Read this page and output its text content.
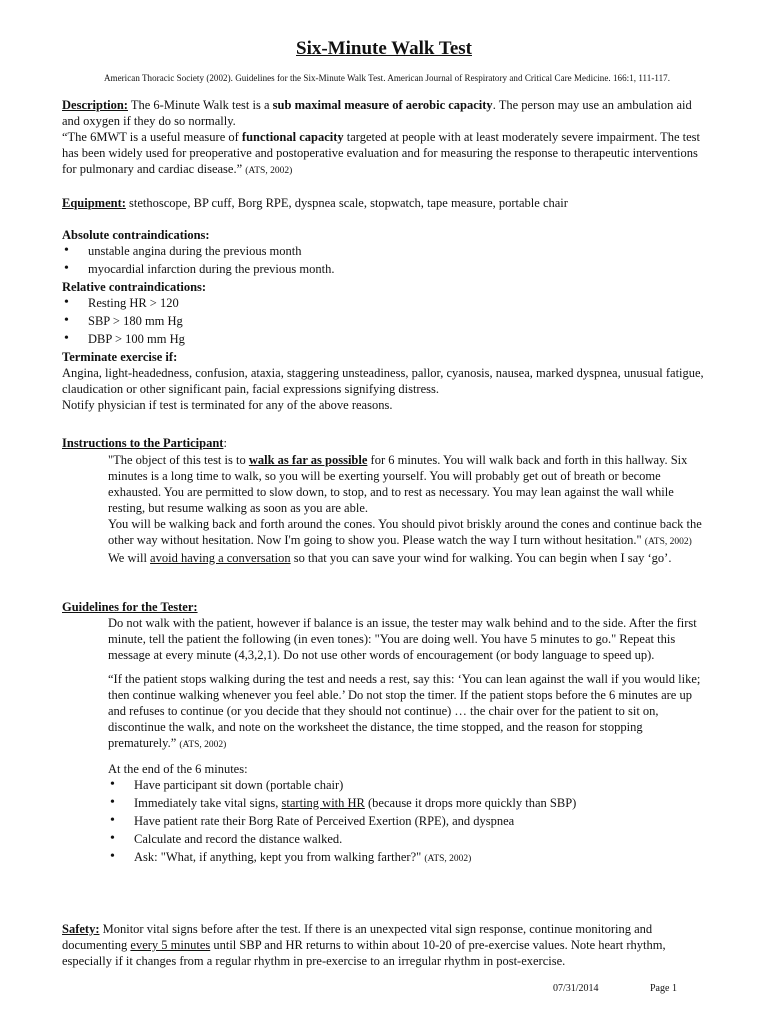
Six-Minute Walk Test
American Thoracic Society (2002). Guidelines for the Six-Minute Walk Test. American Journal of Respiratory and Critical Care Medicine. 166:1, 111-117.
Description: The 6-Minute Walk test is a sub maximal measure of aerobic capacity. The person may use an ambulation aid and oxygen if they do so normally.
“The 6MWT is a useful measure of functional capacity targeted at people with at least moderately severe impairment. The test has been widely used for preoperative and postoperative evaluation and for measuring the response to therapeutic interventions for pulmonary and cardiac disease.” (ATS, 2002)
Equipment: stethoscope, BP cuff, Borg RPE, dyspnea scale, stopwatch, tape measure, portable chair
Absolute contraindications:
• unstable angina during the previous month
• myocardial infarction during the previous month.
Relative contraindications:
• Resting HR > 120
• SBP > 180 mm Hg
• DBP > 100 mm Hg
Terminate exercise if:
Angina, light-headedness, confusion, ataxia, staggering unsteadiness, pallor, cyanosis, nausea, marked dyspnea, unusual fatigue, claudication or other significant pain, facial expressions signifying distress.
Notify physician if test is terminated for any of the above reasons.
Instructions to the Participant:
"The object of this test is to walk as far as possible for 6 minutes. You will walk back and forth in this hallway. Six minutes is a long time to walk, so you will be exerting yourself. You will probably get out of breath or become exhausted. You are permitted to slow down, to stop, and to rest as necessary. You may lean against the wall while resting, but resume walking as soon as you are able.
You will be walking back and forth around the cones. You should pivot briskly around the cones and continue back the other way without hesitation. Now I'm going to show you. Please watch the way I turn without hesitation." (ATS, 2002) We will avoid having a conversation so that you can save your wind for walking. You can begin when I say ‘go’.
Guidelines for the Tester:
Do not walk with the patient, however if balance is an issue, the tester may walk behind and to the side. After the first minute, tell the patient the following (in even tones): "You are doing well. You have 5 minutes to go." Repeat this message at every minute (4,3,2,1). Do not use other words of encouragement (or body language to speed up).
“If the patient stops walking during the test and needs a rest, say this: ‘You can lean against the wall if you would like; then continue walking whenever you feel able.’ Do not stop the timer. If the patient stops before the 6 minutes are up and refuses to continue (or you decide that they should not continue) … the chair over for the patient to sit on, discontinue the walk, and note on the worksheet the distance, the time stopped, and the reason for stopping prematurely.” (ATS, 2002)
At the end of the 6 minutes:
• Have participant sit down (portable chair)
• Immediately take vital signs, starting with HR (because it drops more quickly than SBP)
• Have patient rate their Borg Rate of Perceived Exertion (RPE), and dyspnea
• Calculate and record the distance walked.
• Ask: "What, if anything, kept you from walking farther?" (ATS, 2002)
Safety: Monitor vital signs before after the test. If there is an unexpected vital sign response, continue monitoring and documenting every 5 minutes until SBP and HR returns to within about 10-20 of pre-exercise values. Note heart rhythm, especially if it changes from a regular rhythm in pre-exercise to an irregular rhythm in post-exercise.
07/31/2014	Page 1
